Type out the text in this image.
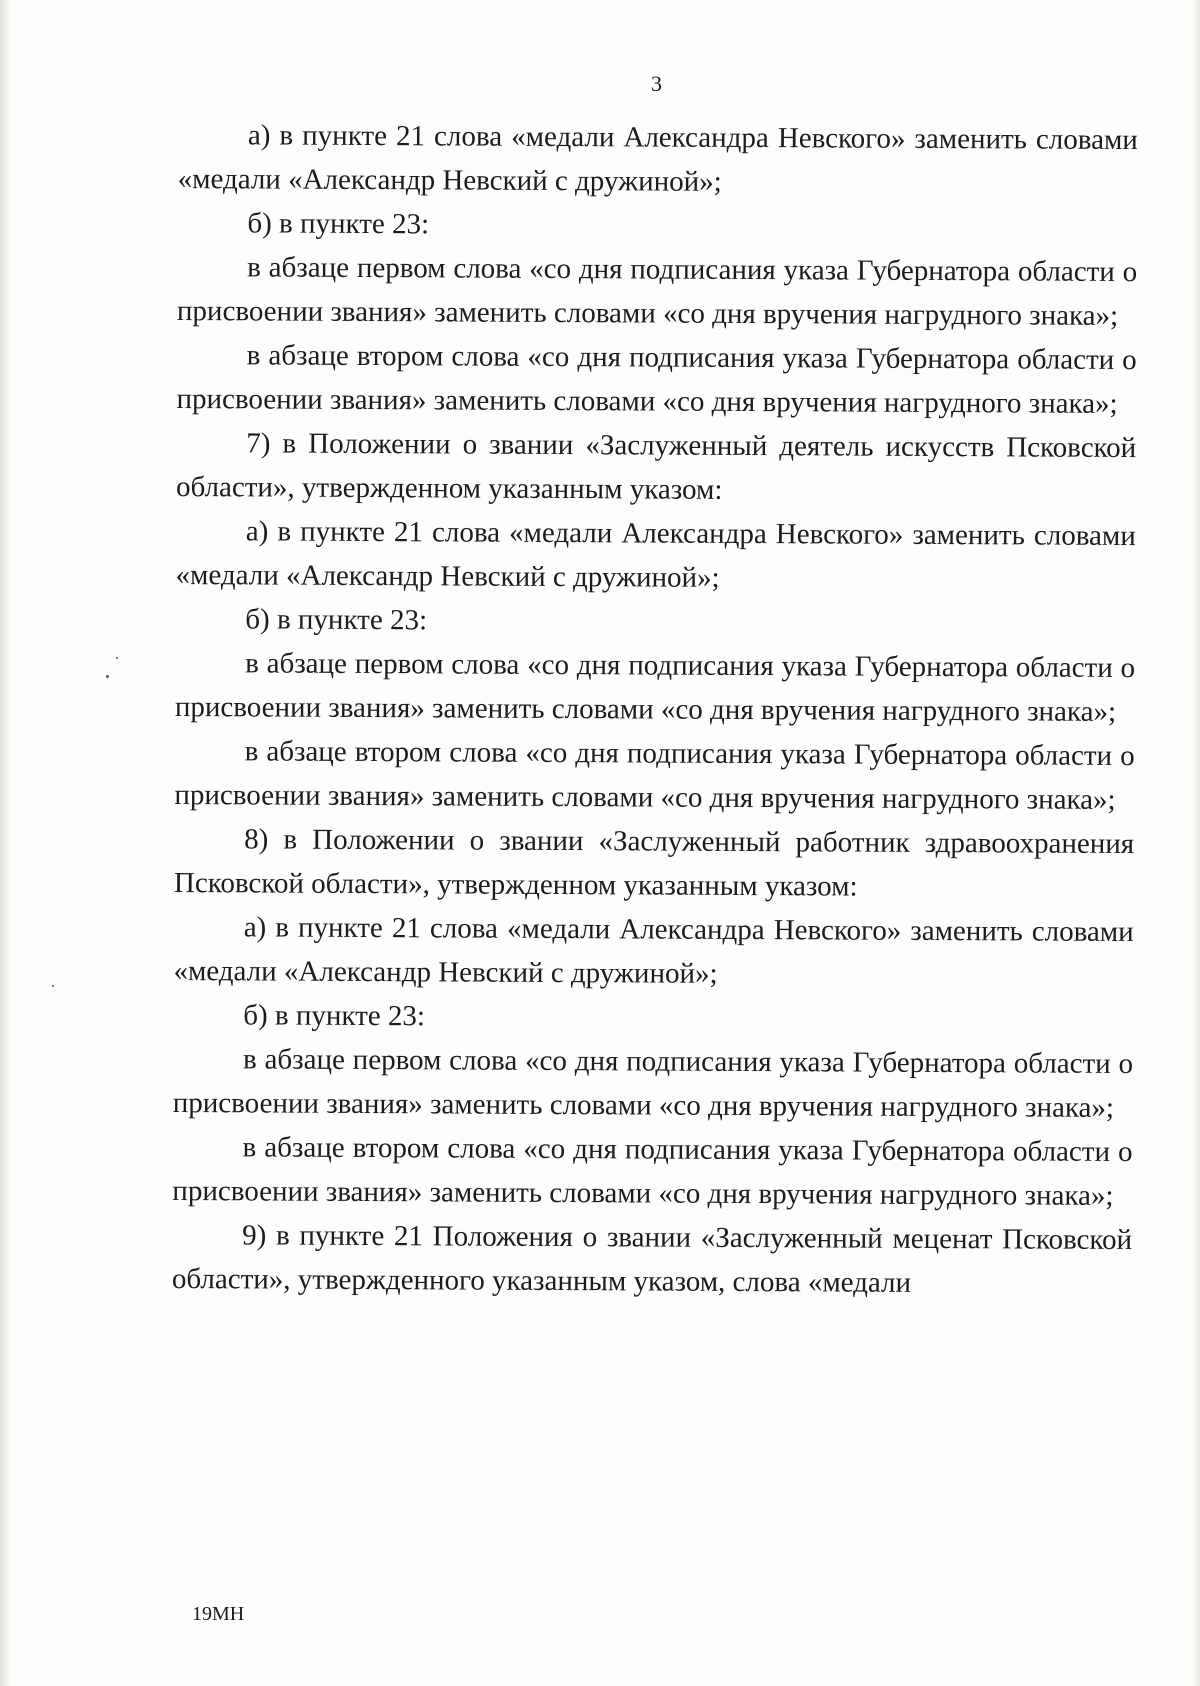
3

а) в пункте 21 слова «медали Александра Невского» заменить словами «медали «Александр Невский с дружиной»;

б) в пункте 23:

в абзаце первом слова «со дня подписания указа Губернатора области о присвоении звания» заменить словами «со дня вручения нагрудного знака»;

в абзаце втором слова «со дня подписания указа Губернатора области о присвоении звания» заменить словами «со дня вручения нагрудного знака»;

7) в Положении о звании «Заслуженный деятель искусств Псковской области», утвержденном указанным указом:

а) в пункте 21 слова «медали Александра Невского» заменить словами «медали «Александр Невский с дружиной»;

б) в пункте 23:

в абзаце первом слова «со дня подписания указа Губернатора области о присвоении звания» заменить словами «со дня вручения нагрудного знака»;

в абзаце втором слова «со дня подписания указа Губернатора области о присвоении звания» заменить словами «со дня вручения нагрудного знака»;

8) в Положении о звании «Заслуженный работник здравоохранения Псковской области», утвержденном указанным указом:

а) в пункте 21 слова «медали Александра Невского» заменить словами «медали «Александр Невский с дружиной»;

б) в пункте 23:

в абзаце первом слова «со дня подписания указа Губернатора области о присвоении звания» заменить словами «со дня вручения нагрудного знака»;

в абзаце втором слова «со дня подписания указа Губернатора области о присвоении звания» заменить словами «со дня вручения нагрудного знака»;

9) в пункте 21 Положения о звании «Заслуженный меценат Псковской области», утвержденного указанным указом, слова «медали

19МН
